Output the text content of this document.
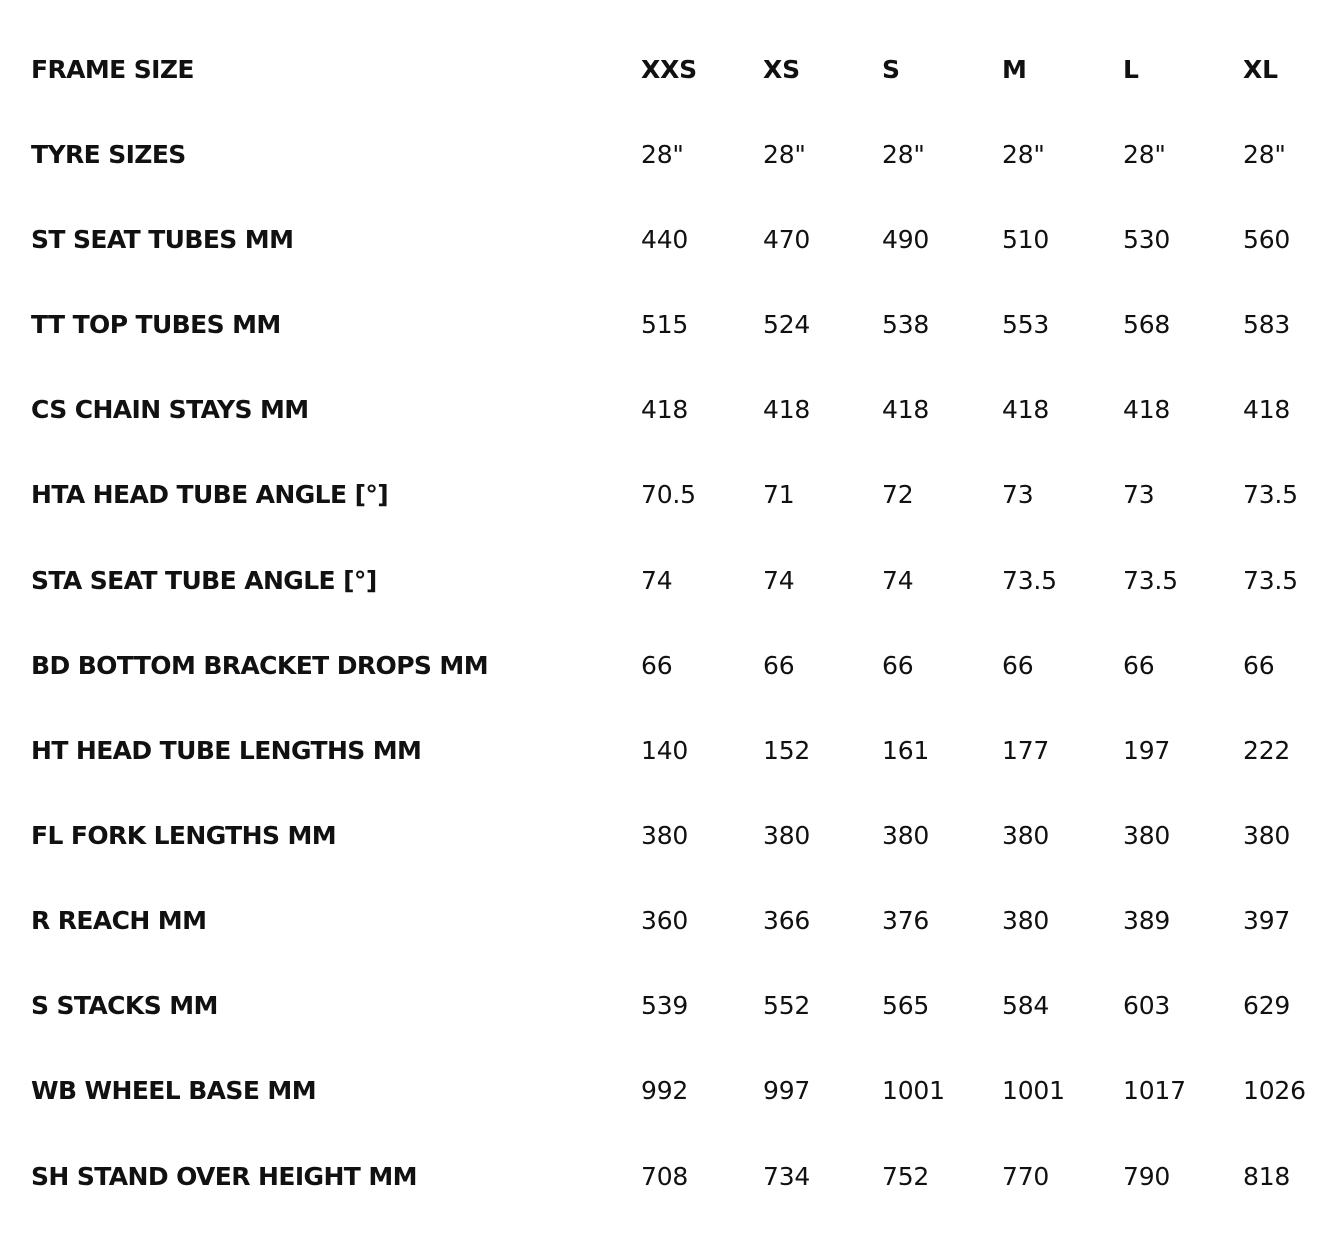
FRAME SIZE	XXS	XS	S	M	L	XL
TYRE SIZES	28"	28"	28"	28"	28"	28"
ST SEAT TUBES MM	440	470	490	510	530	560
TT TOP TUBES MM	515	524	538	553	568	583
CS CHAIN STAYS MM	418	418	418	418	418	418
HTA HEAD TUBE ANGLE [°]	70.5	71	72	73	73	73.5
STA SEAT TUBE ANGLE [°]	74	74	74	73.5	73.5	73.5
BD BOTTOM BRACKET DROPS MM	66	66	66	66	66	66
HT HEAD TUBE LENGTHS MM	140	152	161	177	197	222
FL FORK LENGTHS MM	380	380	380	380	380	380
R REACH MM	360	366	376	380	389	397
S STACKS MM	539	552	565	584	603	629
WB WHEEL BASE MM	992	997	1001 1001 1017 1026
SH STAND OVER HEIGHT MM	708	734	752	770	790	818
